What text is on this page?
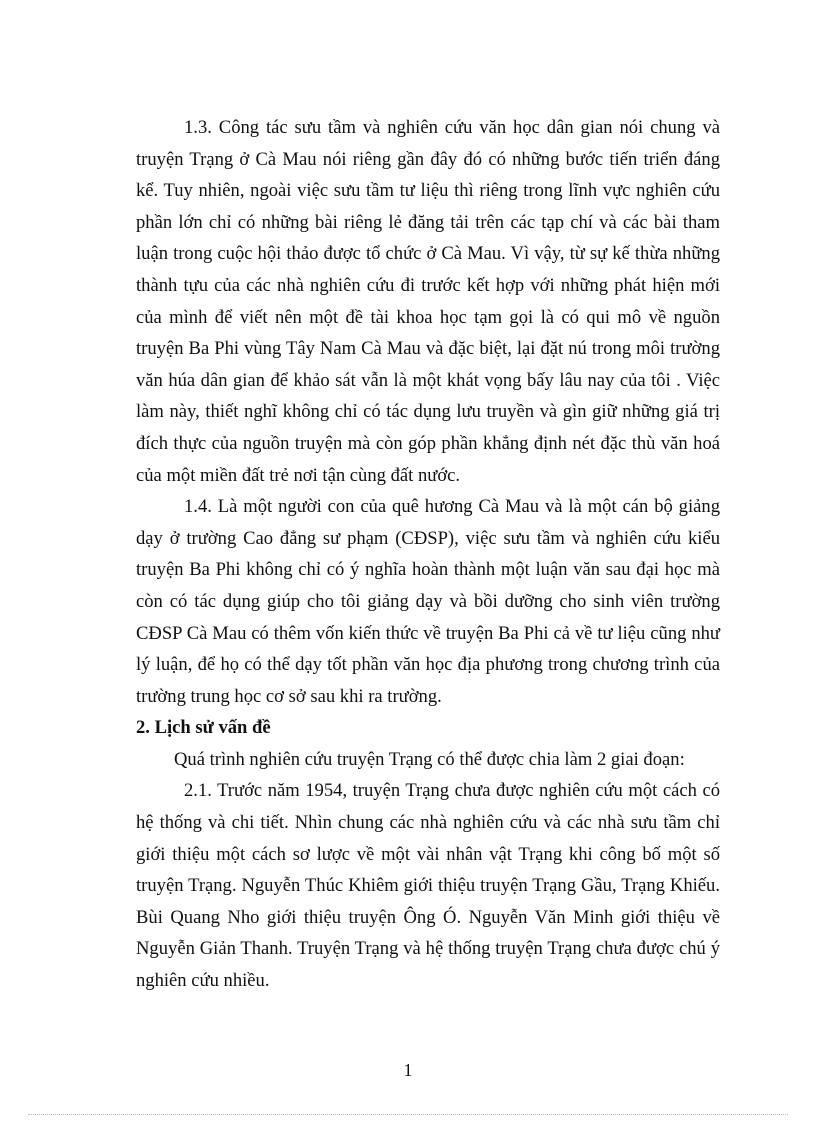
1.3. Công tác sưu tầm và nghiên cứu văn học dân gian nói chung và truyện Trạng ở Cà Mau nói riêng gần đây đó có những bước tiến triển đáng kể. Tuy nhiên, ngoài việc sưu tầm tư liệu thì riêng trong lĩnh vực nghiên cứu phần lớn chỉ có những bài riêng lẻ đăng tải trên các tạp chí và các bài tham luận trong cuộc hội thảo được tổ chức ở Cà Mau. Vì vậy, từ sự kế thừa những thành tựu của các nhà nghiên cứu đi trước kết hợp với những phát hiện mới của mình để viết nên một đề tài khoa học tạm gọi là có qui mô về nguồn truyện Ba Phi vùng Tây Nam Cà Mau và đặc biệt, lại đặt nú trong môi trường văn húa dân gian để khảo sát vẫn là một khát vọng bấy lâu nay của tôi . Việc làm này, thiết nghĩ không chỉ có tác dụng lưu truyền và gìn giữ những giá trị đích thực của nguồn truyện mà còn góp phần khẳng định nét đặc thù văn hoá của một miền đất trẻ nơi tận cùng đất nước.

1.4. Là một người con của quê hương Cà Mau và là một cán bộ giảng dạy ở trường Cao đẳng sư phạm (CĐSP), việc sưu tầm và nghiên cứu kiểu truyện Ba Phi không chỉ có ý nghĩa hoàn thành một luận văn sau đại học mà còn có tác dụng giúp cho tôi giảng dạy và bồi dưỡng cho sinh viên trường CĐSP Cà Mau có thêm vốn kiến thức về truyện Ba Phi cả về tư liệu cũng như lý luận, để họ có thể dạy tốt phần văn học địa phương trong chương trình của trường trung học cơ sở sau khi ra trường.

2. Lịch sử vấn đề

Quá trình nghiên cứu truyện Trạng có thể được chia làm 2 giai đoạn:

2.1. Trước năm 1954, truyện Trạng chưa được nghiên cứu một cách có hệ thống và chi tiết. Nhìn chung các nhà nghiên cứu và các nhà sưu tầm chỉ giới thiệu một cách sơ lược về một vài nhân vật Trạng khi công bố một số truyện Trạng. Nguyễn Thúc Khiêm giới thiệu truyện Trạng Gầu, Trạng Khiếu. Bùi Quang Nho giới thiệu truyện Ông Ó. Nguyễn Văn Minh giới thiệu về Nguyễn Giản Thanh. Truyện Trạng và hệ thống truyện Trạng chưa được chú ý nghiên cứu nhiều.

1
